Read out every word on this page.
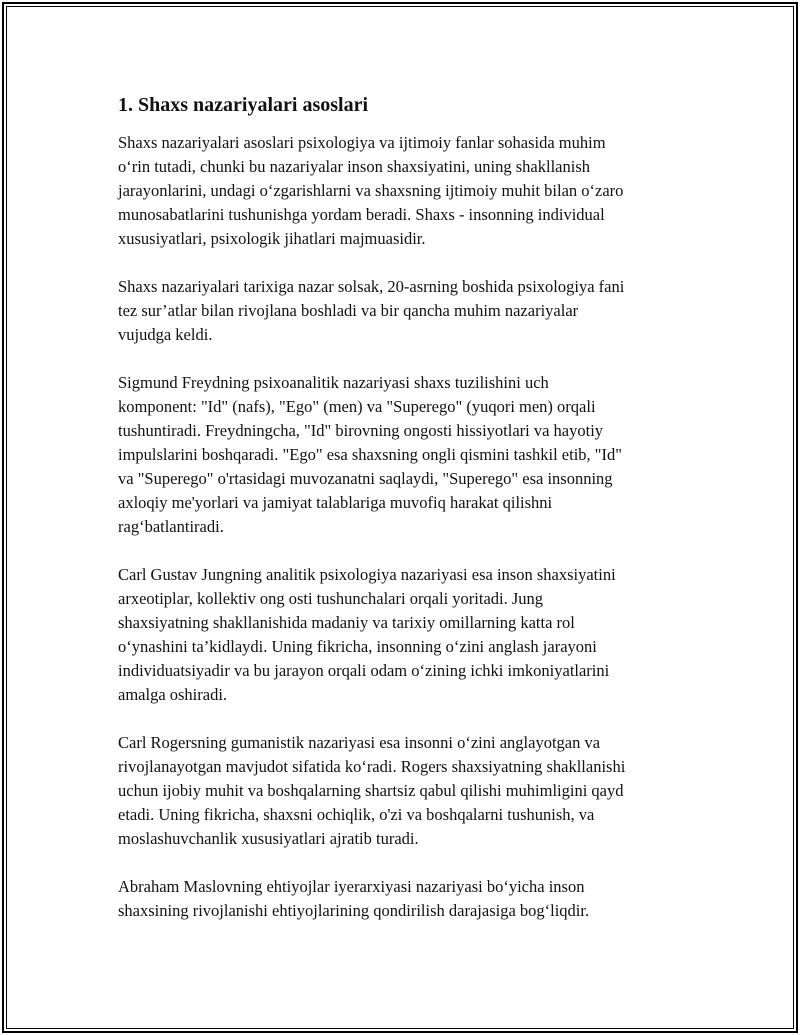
1. Shaxs nazariyalari asoslari

Shaxs nazariyalari asoslari psixologiya va ijtimoiy fanlar sohasida muhim
o‘rin tutadi, chunki bu nazariyalar inson shaxsiyatini, uning shakllanish
jarayonlarini, undagi o‘zgarishlarni va shaxsning ijtimoiy muhit bilan o‘zaro
munosabatlarini tushunishga yordam beradi. Shaxs - insonning individual
xususiyatlari, psixologik jihatlari majmuasidir.

Shaxs nazariyalari tarixiga nazar solsak, 20-asrning boshida psixologiya fani
tez sur’atlar bilan rivojlana boshladi va bir qancha muhim nazariyalar
vujudga keldi.

Sigmund Freydning psixoanalitik nazariyasi shaxs tuzilishini uch
komponent: "Id" (nafs), "Ego" (men) va "Superego" (yuqori men) orqali
tushuntiradi. Freydningcha, "Id" birovning ongosti hissiyotlari va hayotiy
impulslarini boshqaradi. "Ego" esa shaxsning ongli qismini tashkil etib, "Id"
va "Superego" o'rtasidagi muvozanatni saqlaydi, "Superego" esa insonning
axloqiy me'yorlari va jamiyat talablariga muvofiq harakat qilishni
rag‘batlantiradi.

Carl Gustav Jungning analitik psixologiya nazariyasi esa inson shaxsiyatini
arxeotiplar, kollektiv ong osti tushunchalari orqali yoritadi. Jung
shaxsiyatning shakllanishida madaniy va tarixiy omillarning katta rol
o‘ynashini ta’kidlaydi. Uning fikricha, insonning o‘zini anglash jarayoni
individuatsiyadir va bu jarayon orqali odam o‘zining ichki imkoniyatlarini
amalga oshiradi.

Carl Rogersning gumanistik nazariyasi esa insonni o‘zini anglayotgan va
rivojlanayotgan mavjudot sifatida ko‘radi. Rogers shaxsiyatning shakllanishi
uchun ijobiy muhit va boshqalarning shartsiz qabul qilishi muhimligini qayd
etadi. Uning fikricha, shaxsni ochiqlik, o'zi va boshqalarni tushunish, va
moslashuvchanlik xususiyatlari ajratib turadi.

Abraham Maslovning ehtiyojlar iyerarxiyasi nazariyasi bo‘yicha inson
shaxsining rivojlanishi ehtiyojlarining qondirilish darajasiga bog‘liqdir.
